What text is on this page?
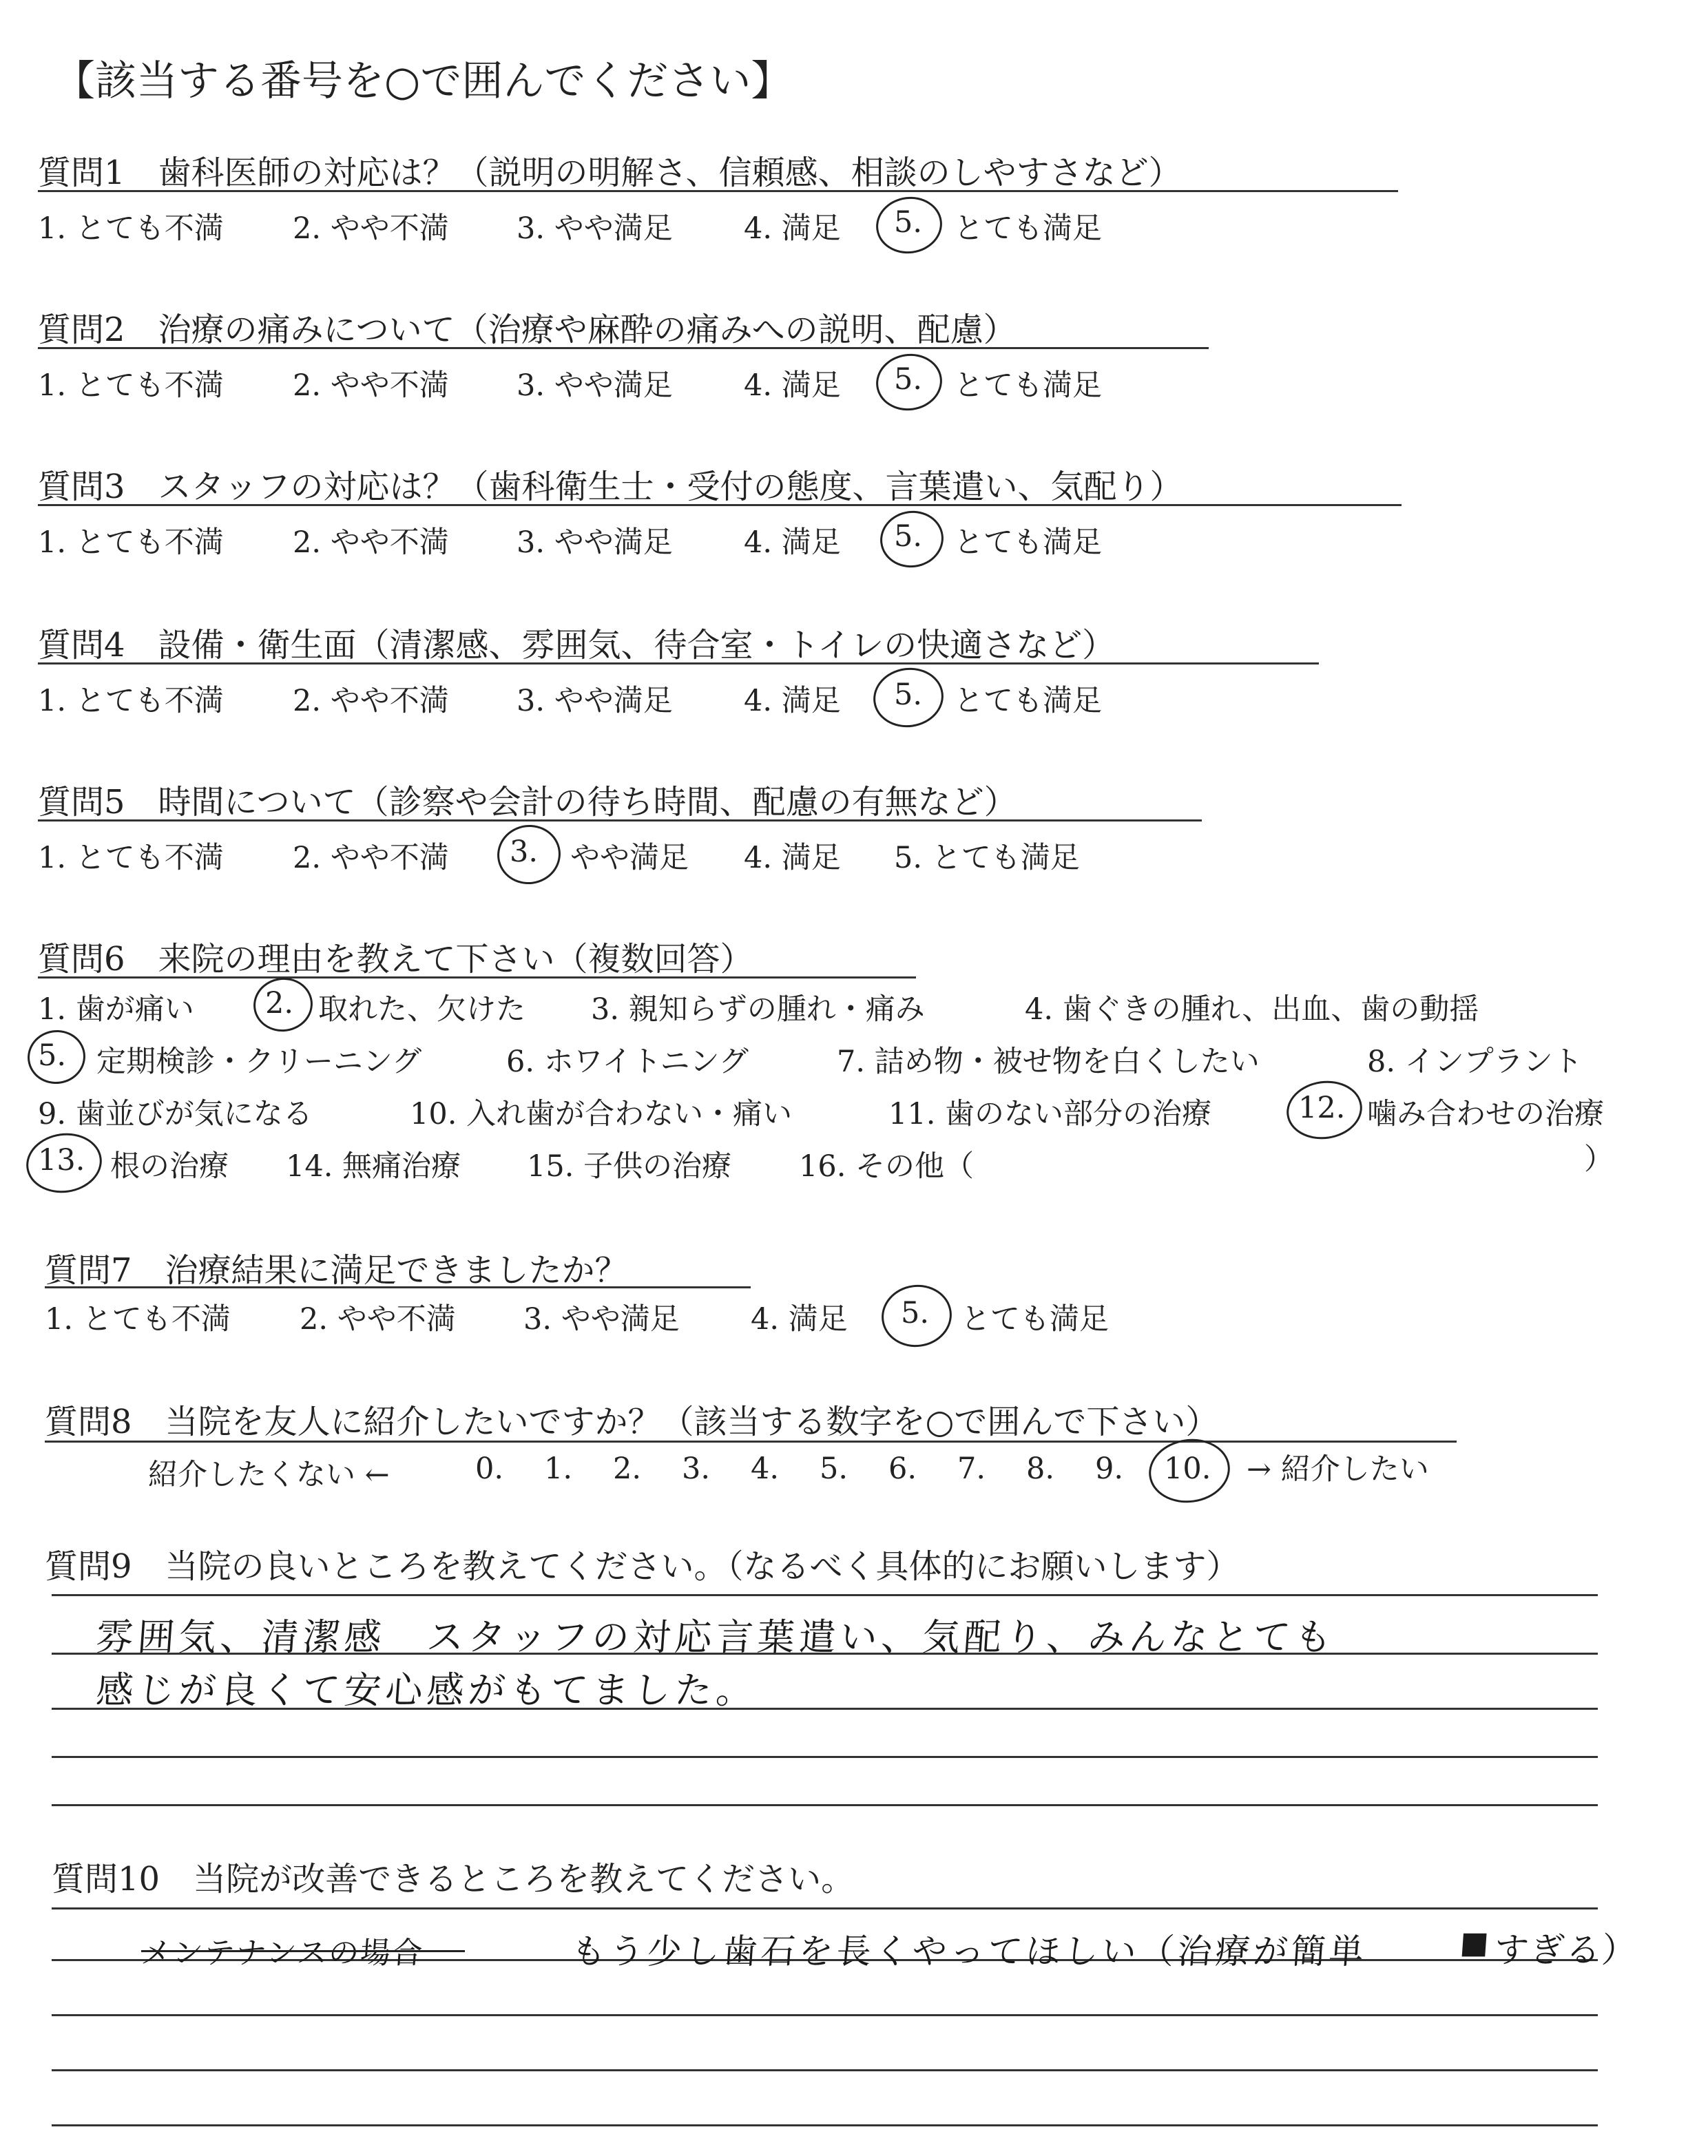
【該当する番号を○で囲んでください】
質問1　歯科医師の対応は？（説明の明解さ、信頼感、相談のしやすさなど）
1. とても不満 2. やや不満 3. やや満足 4. 満足 5. とても満足
質問2　治療の痛みについて（治療や麻酔の痛みへの説明、配慮）
1. とても不満 2. やや不満 3. やや満足 4. 満足 5. とても満足
質問3　スタッフの対応は？（歯科衛生士・受付の態度、言葉遣い、気配り）
1. とても不満 2. やや不満 3. やや満足 4. 満足 5. とても満足
質問4　設備・衛生面（清潔感、雰囲気、待合室・トイレの快適さなど）
1. とても不満 2. やや不満 3. やや満足 4. 満足 5. とても満足
質問5　時間について（診察や会計の待ち時間、配慮の有無など）
1. とても不満 2. やや不満 3. やや満足 4. 満足 5. とても満足
質問6　来院の理由を教えて下さい（複数回答）
1. 歯が痛い 2. 取れた、欠けた 3. 親知らずの腫れ・痛み	4. 歯ぐきの腫れ、出血、歯の動揺
5. 定期検診・クリーニング	6. ホワイトニング	7. 詰め物・被せ物を白くしたい	8. インプラント
9. 歯並びが気になる	10. 入れ歯が合わない・痛い	11. 歯のない部分の治療	12. 噛み合わせの治療
13. 根の治療 14. 無痛治療 15. 子供の治療 16. その他（	）
質問7　治療結果に満足できましたか？
1. とても不満 2. やや不満 3. やや満足 4. 満足 5. とても満足
質問8　当院を友人に紹介したいですか？（該当する数字を○で囲んで下さい）
紹介したくない ←	0. 1. 2. 3. 4. 5. 6. 7. 8. 9. 10. → 紹介したい
質問9　当院の良いところを教えてください。（なるべく具体的にお願いします）
雰囲気、清潔感　スタッフの対応言葉遣い、気配り、みんなとても
感じが良くて安心感がもてました。
質問10　当院が改善できるところを教えてください。
メンテナンスの場合	もう少し歯石を長くやってほしい（治療が簡単	■
すぎる）
